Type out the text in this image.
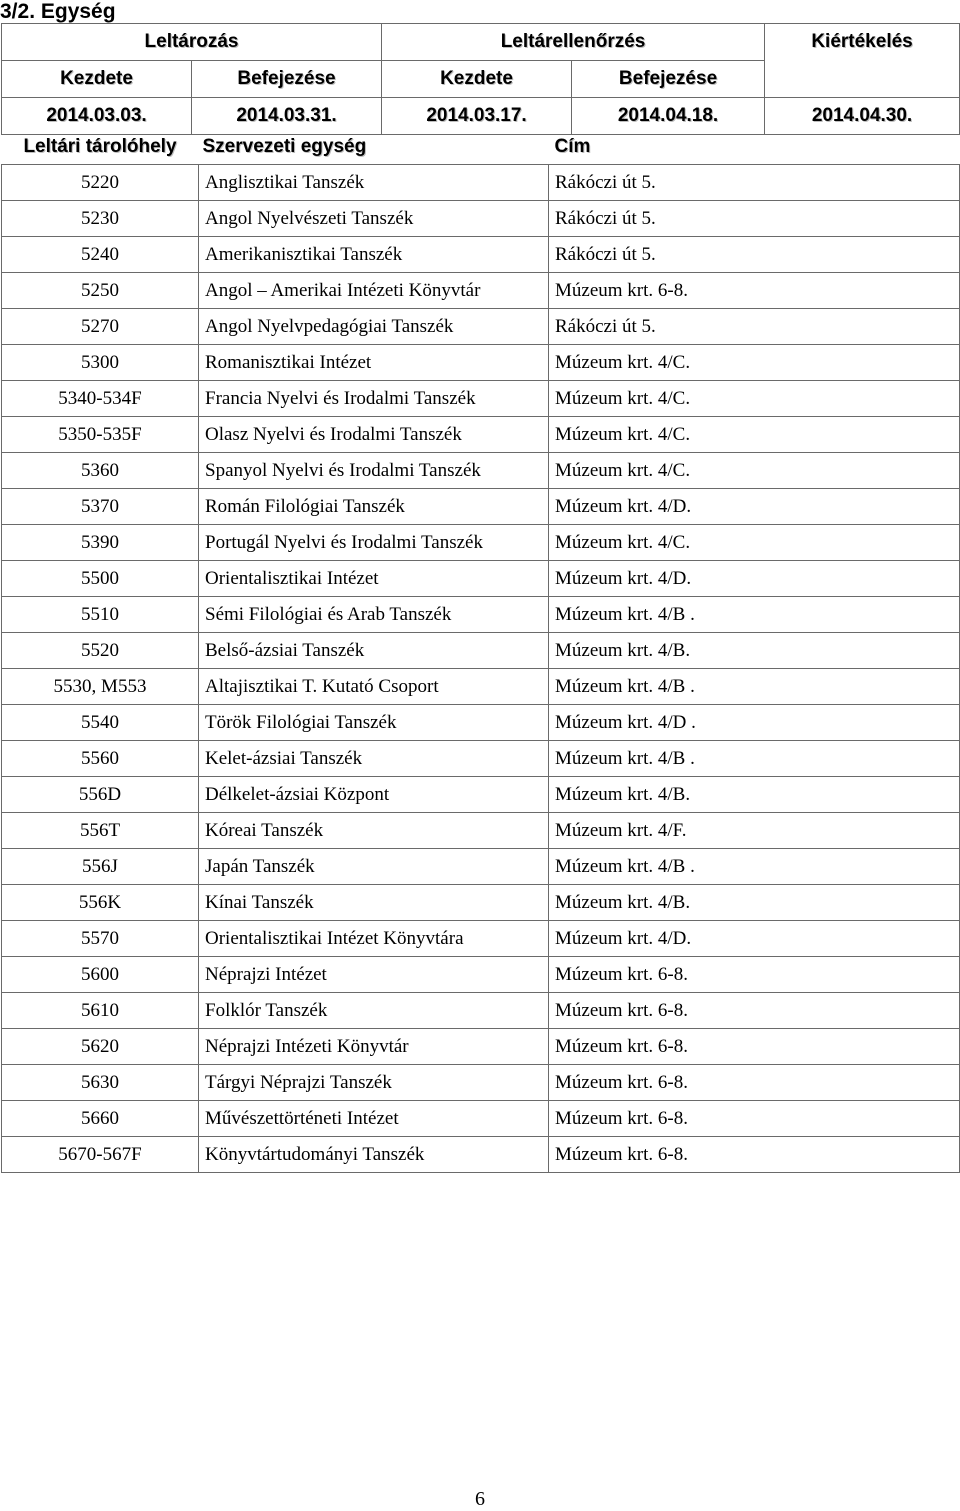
3/2. Egység
Leltározás		Leltárellenőrzés		Kiértékelés
Kezdete	Befejezése	Kezdete	Befejezése	
2014.03.03.	2014.03.31.	2014.03.17.	2014.04.18.	2014.04.30.
Leltári tárolóhely	Szervezeti egység	Cím
5220	Anglisztikai Tanszék	Rákóczi út 5.
5230	Angol Nyelvészeti Tanszék	Rákóczi út 5.
5240	Amerikanisztikai Tanszék	Rákóczi út 5.
5250	Angol – Amerikai Intézeti Könyvtár	Múzeum krt. 6-8.
5270	Angol Nyelvpedagógiai Tanszék	Rákóczi út 5.
5300	Romanisztikai Intézet	Múzeum krt. 4/C.
5340-534F	Francia Nyelvi és Irodalmi Tanszék	Múzeum krt. 4/C.
5350-535F	Olasz Nyelvi és Irodalmi Tanszék	Múzeum krt. 4/C.
5360	Spanyol Nyelvi és Irodalmi Tanszék	Múzeum krt. 4/C.
5370	Román Filológiai Tanszék	Múzeum krt. 4/D.
5390	Portugál Nyelvi és Irodalmi Tanszék	Múzeum krt. 4/C.
5500	Orientalisztikai Intézet	Múzeum krt. 4/D.
5510	Sémi Filológiai és Arab Tanszék	Múzeum krt. 4/B .
5520	Belső-ázsiai Tanszék	Múzeum krt. 4/B.
5530, M553	Altajisztikai T. Kutató Csoport	Múzeum krt. 4/B .
5540	Török Filológiai Tanszék	Múzeum krt. 4/D .
5560	Kelet-ázsiai Tanszék	Múzeum krt. 4/B .
556D	Délkelet-ázsiai Központ	Múzeum krt. 4/B.
556T	Kóreai Tanszék	Múzeum krt. 4/F.
556J	Japán Tanszék	Múzeum krt. 4/B .
556K	Kínai Tanszék	Múzeum krt. 4/B.
5570	Orientalisztikai Intézet Könyvtára	Múzeum krt. 4/D.
5600	Néprajzi Intézet	Múzeum krt. 6-8.
5610	Folklór Tanszék	Múzeum krt. 6-8.
5620	Néprajzi Intézeti Könyvtár	Múzeum krt. 6-8.
5630	Tárgyi Néprajzi Tanszék	Múzeum krt. 6-8.
5660	Művészettörténeti Intézet	Múzeum krt. 6-8.
5670-567F	Könyvtártudományi Tanszék	Múzeum krt. 6-8.
6
